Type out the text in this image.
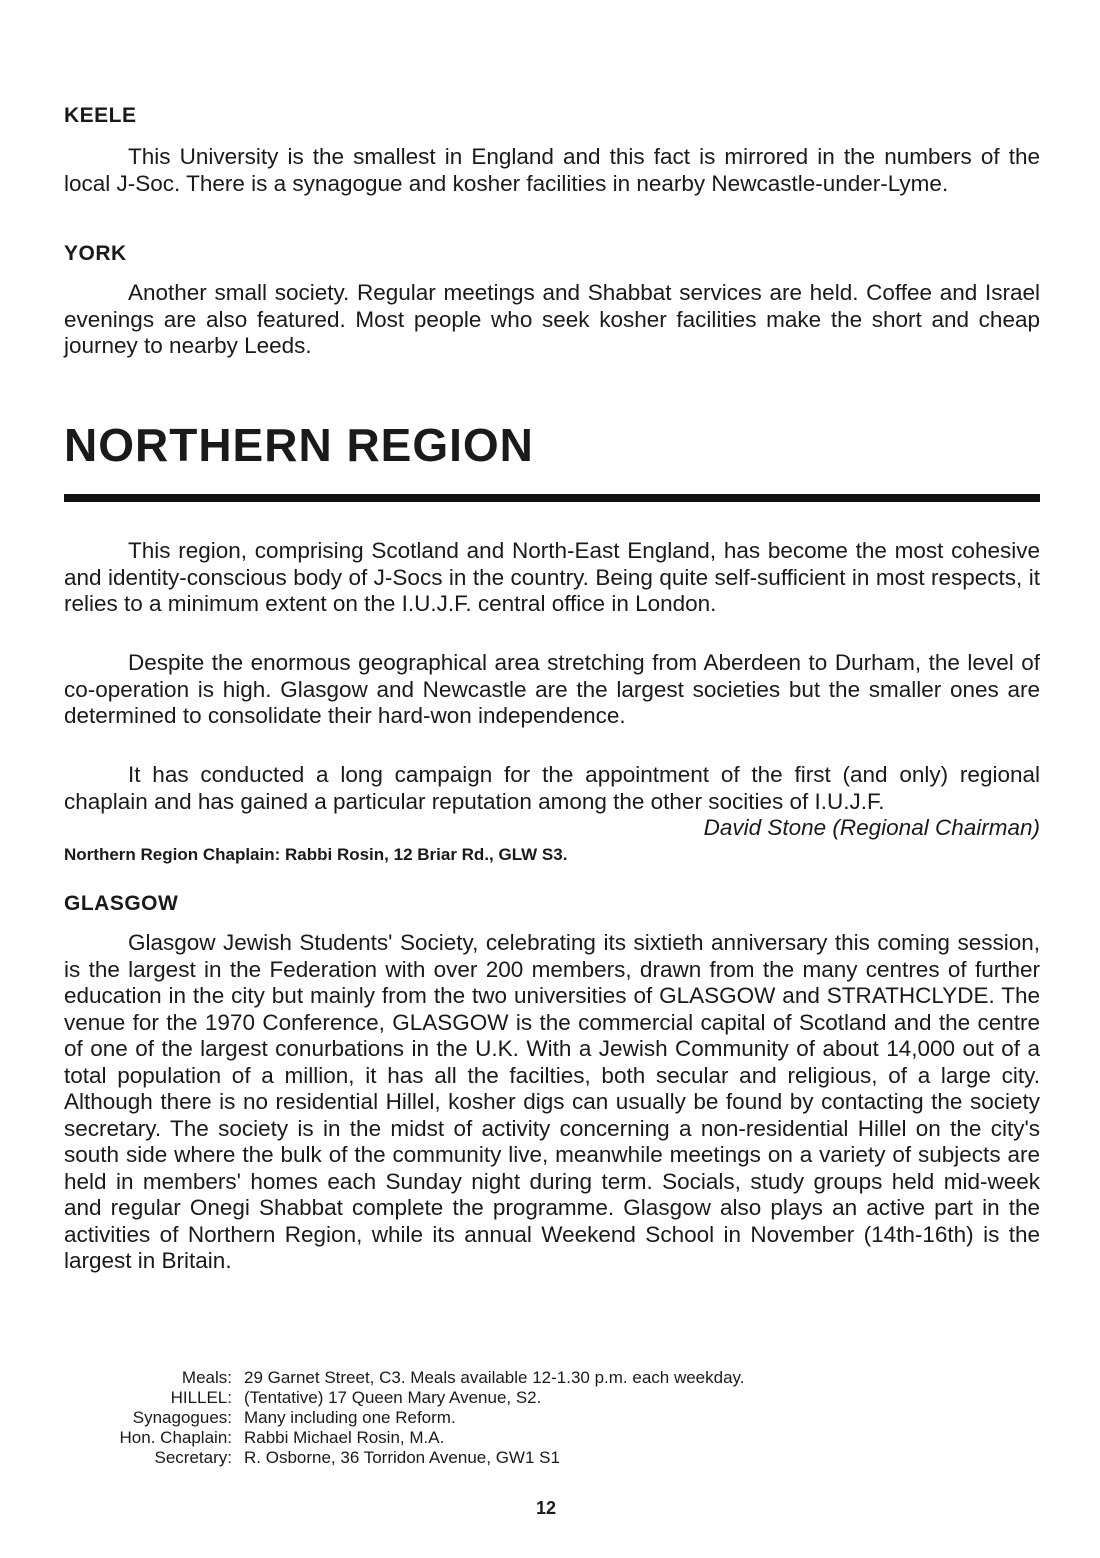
KEELE

This University is the smallest in England and this fact is mirrored in the numbers of the local J-Soc. There is a synagogue and kosher facilities in nearby Newcastle-under-Lyme.

YORK

Another small society. Regular meetings and Shabbat services are held. Coffee and Israel evenings are also featured. Most people who seek kosher facilities make the short and cheap journey to nearby Leeds.

NORTHERN REGION

This region, comprising Scotland and North-East England, has become the most cohesive and identity-conscious body of J-Socs in the country. Being quite self-sufficient in most respects, it relies to a minimum extent on the I.U.J.F. central office in London.

Despite the enormous geographical area stretching from Aberdeen to Durham, the level of co-operation is high. Glasgow and Newcastle are the largest societies but the smaller ones are determined to consolidate their hard-won independence.

It has conducted a long campaign for the appointment of the first (and only) regional chaplain and has gained a particular reputation among the other socities of I.U.J.F.
David Stone (Regional Chairman)

Northern Region Chaplain: Rabbi Rosin, 12 Briar Rd., GLW S3.
GLASGOW

Glasgow Jewish Students' Society, celebrating its sixtieth anniversary this coming session, is the largest in the Federation with over 200 members, drawn from the many centres of further education in the city but mainly from the two universities of GLASGOW and STRATHCLYDE. The venue for the 1970 Conference, GLASGOW is the commercial capital of Scotland and the centre of one of the largest conurbations in the U.K. With a Jewish Community of about 14,000 out of a total population of a million, it has all the facilties, both secular and religious, of a large city. Although there is no residential Hillel, kosher digs can usually be found by contacting the society secretary. The society is in the midst of activity concerning a non-residential Hillel on the city's south side where the bulk of the community live, meanwhile meetings on a variety of subjects are held in members' homes each Sunday night during term. Socials, study groups held mid-week and regular Onegi Shabbat complete the programme. Glasgow also plays an active part in the activities of Northern Region, while its annual Weekend School in November (14th-16th) is the largest in Britain.

Meals: 29 Garnet Street, C3. Meals available 12-1.30 p.m. each weekday.
HILLEL: (Tentative) 17 Queen Mary Avenue, S2.
Synagogues: Many including one Reform.
Hon. Chaplain: Rabbi Michael Rosin, M.A.
Secretary: R. Osborne, 36 Torridon Avenue, GW1 S1
12
